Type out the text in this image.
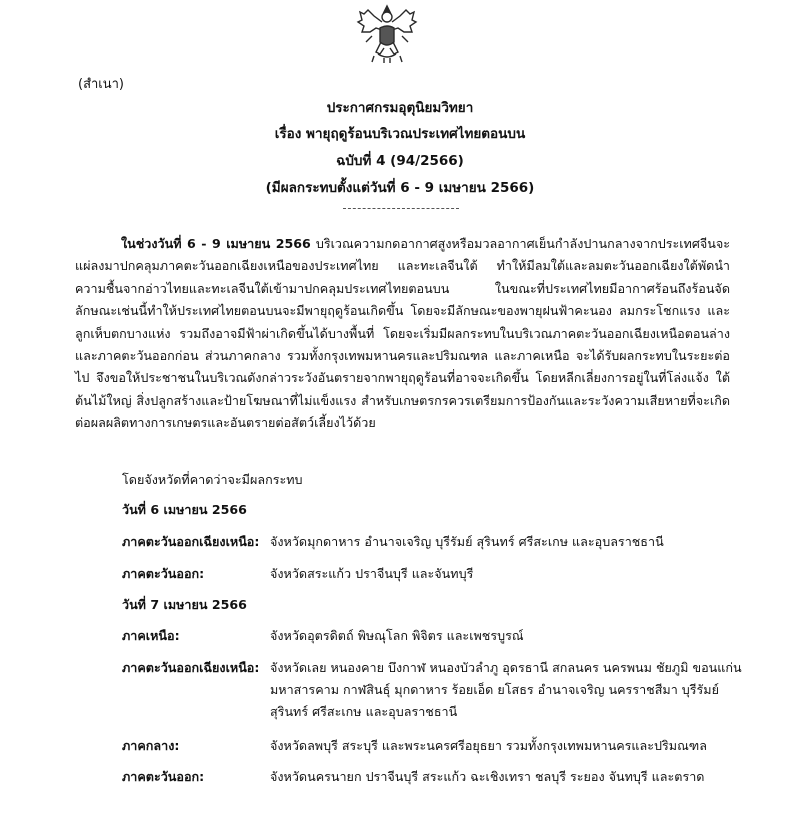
(สำเนา)
ประกาศกรมอุตุนิยมวิทยา
เรื่อง พายุฤดูร้อนบริเวณประเทศไทยตอนบน
ฉบับที่ 4 (94/2566)
(มีผลกระทบตั้งแต่วันที่ 6 - 9 เมษายน 2566)

ในช่วงวันที่ 6 - 9 เมษายน 2566 บริเวณความกดอากาศสูงหรือมวลอากาศเย็นกำลังปานกลางจากประเทศจีนจะแผ่ลงมาปกคลุมภาคตะวันออกเฉียงเหนือของประเทศไทย และทะเลจีนใต้ ทำให้มีลมใต้และลมตะวันออกเฉียงใต้พัดนำความชื้นจากอ่าวไทยและทะเลจีนใต้เข้ามาปกคลุมประเทศไทยตอนบน ในขณะที่ประเทศไทยมีอากาศร้อนถึงร้อนจัด ลักษณะเช่นนี้ทำให้ประเทศไทยตอนบนจะมีพายุฤดูร้อนเกิดขึ้น โดยจะมีลักษณะของพายุฝนฟ้าคะนอง ลมกระโชกแรง และลูกเห็บตกบางแห่ง รวมถึงอาจมีฟ้าผ่าเกิดขึ้นได้บางพื้นที่ โดยจะเริ่มมีผลกระทบในบริเวณภาคตะวันออกเฉียงเหนือตอนล่างและภาคตะวันออกก่อน ส่วนภาคกลาง รวมทั้งกรุงเทพมหานครและปริมณฑล และภาคเหนือ จะได้รับผลกระทบในระยะต่อไป จึงขอให้ประชาชนในบริเวณดังกล่าวระวังอันตรายจากพายุฤดูร้อนที่อาจจะเกิดขึ้น โดยหลีกเลี่ยงการอยู่ในที่โล่งแจ้ง ใต้ต้นไม้ใหญ่ สิ่งปลูกสร้างและป้ายโฆษณาที่ไม่แข็งแรง สำหรับเกษตรกรควรเตรียมการป้องกันและระวังความเสียหายที่จะเกิดต่อผลผลิตทางการเกษตรและอันตรายต่อสัตว์เลี้ยงไว้ด้วย

โดยจังหวัดที่คาดว่าจะมีผลกระทบ
วันที่ 6 เมษายน 2566
ภาคตะวันออกเฉียงเหนือ: จังหวัดมุกดาหาร อำนาจเจริญ บุรีรัมย์ สุรินทร์ ศรีสะเกษ และอุบลราชธานี
ภาคตะวันออก:	จังหวัดสระแก้ว ปราจีนบุรี และจันทบุรี
วันที่ 7 เมษายน 2566
ภาคเหนือ:	จังหวัดอุตรดิตถ์ พิษณุโลก พิจิตร และเพชรบูรณ์
ภาคตะวันออกเฉียงเหนือ: จังหวัดเลย หนองคาย บึงกาฬ หนองบัวลำภู อุดรธานี สกลนคร นครพนม ชัยภูมิ ขอนแก่น มหาสารคาม กาฬสินธุ์ มุกดาหาร ร้อยเอ็ด ยโสธร อำนาจเจริญ นครราชสีมา บุรีรัมย์ สุรินทร์ ศรีสะเกษ และอุบลราชธานี
ภาคกลาง:	จังหวัดลพบุรี สระบุรี และพระนครศรีอยุธยา รวมทั้งกรุงเทพมหานครและปริมณฑล
ภาคตะวันออก:	จังหวัดนครนายก ปราจีนบุรี สระแก้ว ฉะเชิงเทรา ชลบุรี ระยอง จันทบุรี และตราด
